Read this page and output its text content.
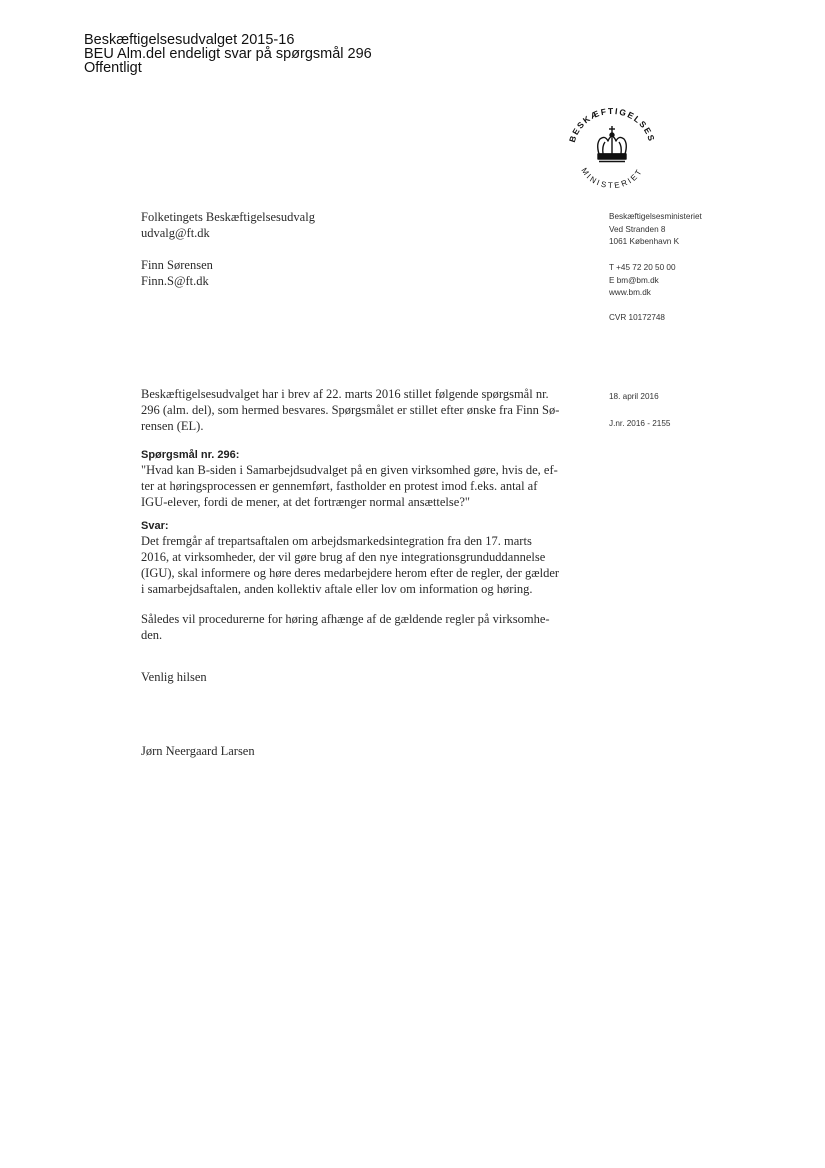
Beskæftigelsesudvalget 2015-16
BEU Alm.del endeligt svar på spørgsmål 296
Offentligt
BESKÆFTIGELSES
MINISTERIET
Folketingets Beskæftigelsesudvalg
udvalg@ft.dk
Finn Sørensen
Finn.S@ft.dk
Beskæftigelsesministeriet
Ved Stranden 8
1061 København K
T +45 72 20 50 00
E bm@bm.dk
www.bm.dk
CVR 10172748
18. april 2016
J.nr. 2016 - 2155
Beskæftigelsesudvalget har i brev af 22. marts 2016 stillet følgende spørgsmål nr.
296 (alm. del), som hermed besvares. Spørgsmålet er stillet efter ønske fra Finn Sø-
rensen (EL).
Spørgsmål nr. 296:
"Hvad kan B-siden i Samarbejdsudvalget på en given virksomhed gøre, hvis de, ef-
ter at høringsprocessen er gennemført, fastholder en protest imod f.eks. antal af
IGU-elever, fordi de mener, at det fortrænger normal ansættelse?"
Svar:
Det fremgår af trepartsaftalen om arbejdsmarkedsintegration fra den 17. marts
2016, at virksomheder, der vil gøre brug af den nye integrationsgrunduddannelse
(IGU), skal informere og høre deres medarbejdere herom efter de regler, der gælder
i samarbejdsaftalen, anden kollektiv aftale eller lov om information og høring.
Således vil procedurerne for høring afhænge af de gældende regler på virksomhe-
den.
Venlig hilsen
Jørn Neergaard Larsen
